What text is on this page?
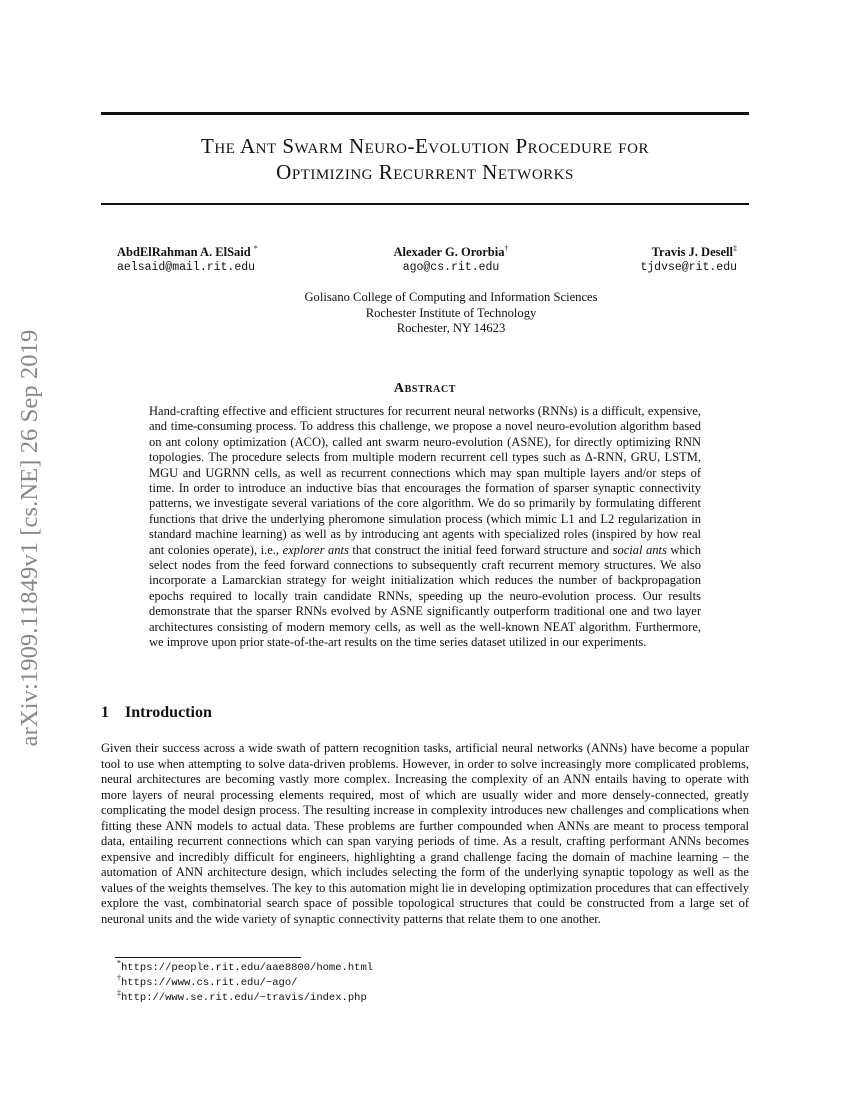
arXiv:1909.11849v1 [cs.NE] 26 Sep 2019
The Ant Swarm Neuro-Evolution Procedure for
Optimizing Recurrent Networks
AbdElRahman A. ElSaid *
aelsaid@mail.rit.edu
Alexader G. Ororbia†
ago@cs.rit.edu
Travis J. Desell‡
tjdvse@rit.edu
Golisano College of Computing and Information Sciences
Rochester Institute of Technology
Rochester, NY 14623
Abstract
Hand-crafting effective and efficient structures for recurrent neural networks (RNNs) is a difficult, expensive, and time-consuming process. To address this challenge, we propose a novel neuro-evolution algorithm based on ant colony optimization (ACO), called ant swarm neuro-evolution (ASNE), for directly optimizing RNN topologies. The procedure selects from multiple modern recurrent cell types such as Δ-RNN, GRU, LSTM, MGU and UGRNN cells, as well as recurrent connections which may span multiple layers and/or steps of time. In order to introduce an inductive bias that encourages the formation of sparser synaptic connectivity patterns, we investigate several variations of the core algorithm. We do so primarily by formulating different functions that drive the underlying pheromone simulation process (which mimic L1 and L2 regularization in standard machine learning) as well as by introducing ant agents with specialized roles (inspired by how real ant colonies operate), i.e., explorer ants that construct the initial feed forward structure and social ants which select nodes from the feed forward connections to subsequently craft recurrent memory structures. We also incorporate a Lamarckian strategy for weight initialization which reduces the number of backpropagation epochs required to locally train candidate RNNs, speeding up the neuro-evolution process. Our results demonstrate that the sparser RNNs evolved by ASNE significantly outperform traditional one and two layer architectures consisting of modern memory cells, as well as the well-known NEAT algorithm. Furthermore, we improve upon prior state-of-the-art results on the time series dataset utilized in our experiments.
1 Introduction
Given their success across a wide swath of pattern recognition tasks, artificial neural networks (ANNs) have become a popular tool to use when attempting to solve data-driven problems. However, in order to solve increasingly more complicated problems, neural architectures are becoming vastly more complex. Increasing the complexity of an ANN entails having to operate with more layers of neural processing elements required, most of which are usually wider and more densely-connected, greatly complicating the model design process. The resulting increase in complexity introduces new challenges and complications when fitting these ANN models to actual data. These problems are further compounded when ANNs are meant to process temporal data, entailing recurrent connections which can span varying periods of time. As a result, crafting performant ANNs becomes expensive and incredibly difficult for engineers, highlighting a grand challenge facing the domain of machine learning – the automation of ANN architecture design, which includes selecting the form of the underlying synaptic topology as well as the values of the weights themselves. The key to this automation might lie in developing optimization procedures that can effectively explore the vast, combinatorial search space of possible topological structures that could be constructed from a large set of neuronal units and the wide variety of synaptic connectivity patterns that relate them to one another.
*https://people.rit.edu/aae8800/home.html
†https://www.cs.rit.edu/~ago/
‡http://www.se.rit.edu/~travis/index.php
